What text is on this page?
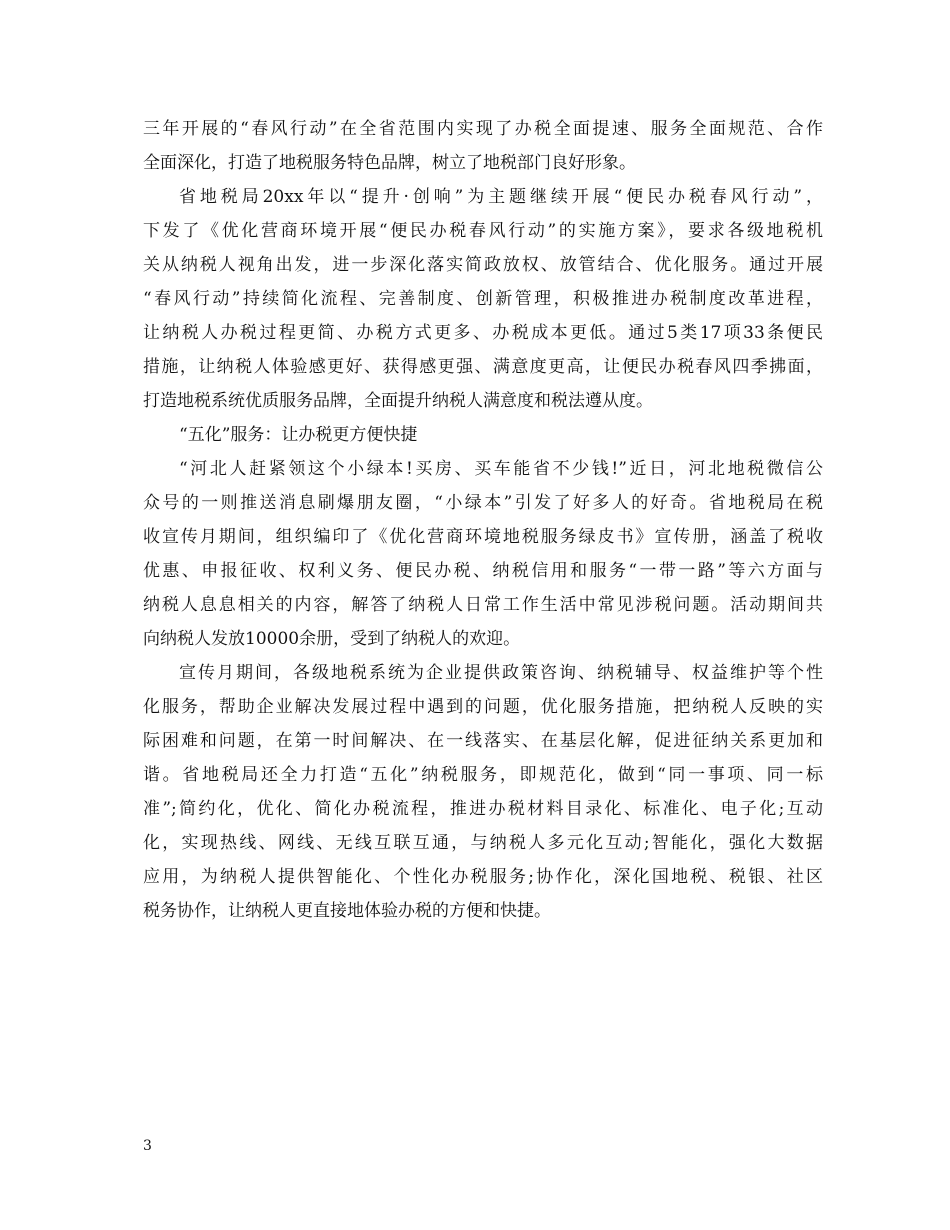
三年开展的“春风行动”在全省范围内实现了办税全面提速、服务全面规范、合作
全面深化，打造了地税服务特色品牌，树立了地税部门良好形象。
省地税局20xx年以“提升·创响”为主题继续开展“便民办税春风行动”，
下发了《优化营商环境开展“便民办税春风行动”的实施方案》，要求各级地税机
关从纳税人视角出发，进一步深化落实简政放权、放管结合、优化服务。通过开展
“春风行动”持续简化流程、完善制度、创新管理，积极推进办税制度改革进程，
让纳税人办税过程更简、办税方式更多、办税成本更低。通过5类17项33条便民
措施，让纳税人体验感更好、获得感更强、满意度更高，让便民办税春风四季拂面，
打造地税系统优质服务品牌，全面提升纳税人满意度和税法遵从度。
“五化”服务：让办税更方便快捷
“河北人赶紧领这个小绿本!买房、买车能省不少钱!”近日，河北地税微信公
众号的一则推送消息刷爆朋友圈，“小绿本”引发了好多人的好奇。省地税局在税
收宣传月期间，组织编印了《优化营商环境地税服务绿皮书》宣传册，涵盖了税收
优惠、申报征收、权利义务、便民办税、纳税信用和服务“一带一路”等六方面与
纳税人息息相关的内容，解答了纳税人日常工作生活中常见涉税问题。活动期间共
向纳税人发放10000余册，受到了纳税人的欢迎。
宣传月期间，各级地税系统为企业提供政策咨询、纳税辅导、权益维护等个性
化服务，帮助企业解决发展过程中遇到的问题，优化服务措施，把纳税人反映的实
际困难和问题，在第一时间解决、在一线落实、在基层化解，促进征纳关系更加和
谐。省地税局还全力打造“五化”纳税服务，即规范化，做到“同一事项、同一标
准”;简约化，优化、简化办税流程，推进办税材料目录化、标准化、电子化;互动
化，实现热线、网线、无线互联互通，与纳税人多元化互动;智能化，强化大数据
应用，为纳税人提供智能化、个性化办税服务;协作化，深化国地税、税银、社区
税务协作，让纳税人更直接地体验办税的方便和快捷。
3
